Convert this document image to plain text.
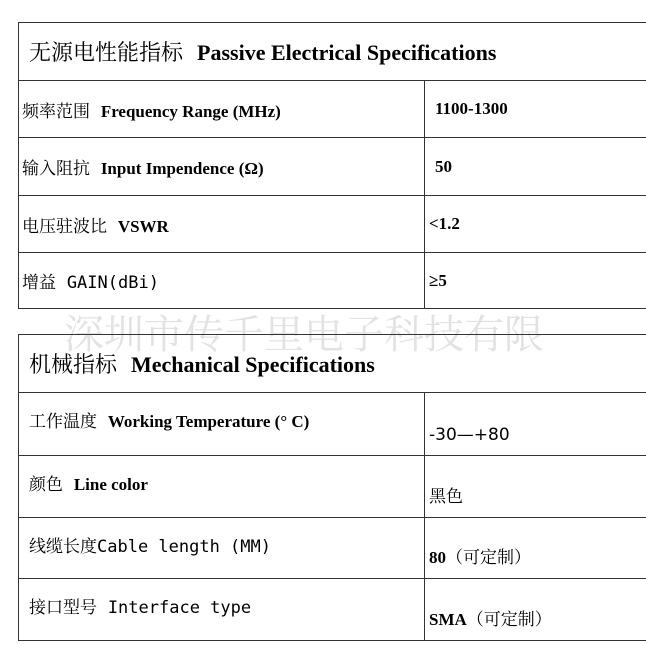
无源电性能指标 Passive Electrical Specifications	
频率范围 Frequency Range (MHz)	1100-1300
输入阻抗 Input Impendence (Ω)	50
电压驻波比 VSWR	<1.2
增益 GAIN(dBi)	≥5
深圳市传千里电子科技有限
机械指标 Mechanical Specifications	
工作温度 Working Temperature (° C)	-30—+80
颜色 Line color	黑色
线缆长度Cable length (MM)	80（可定制）
接口型号 Interface type	SMA（可定制）
